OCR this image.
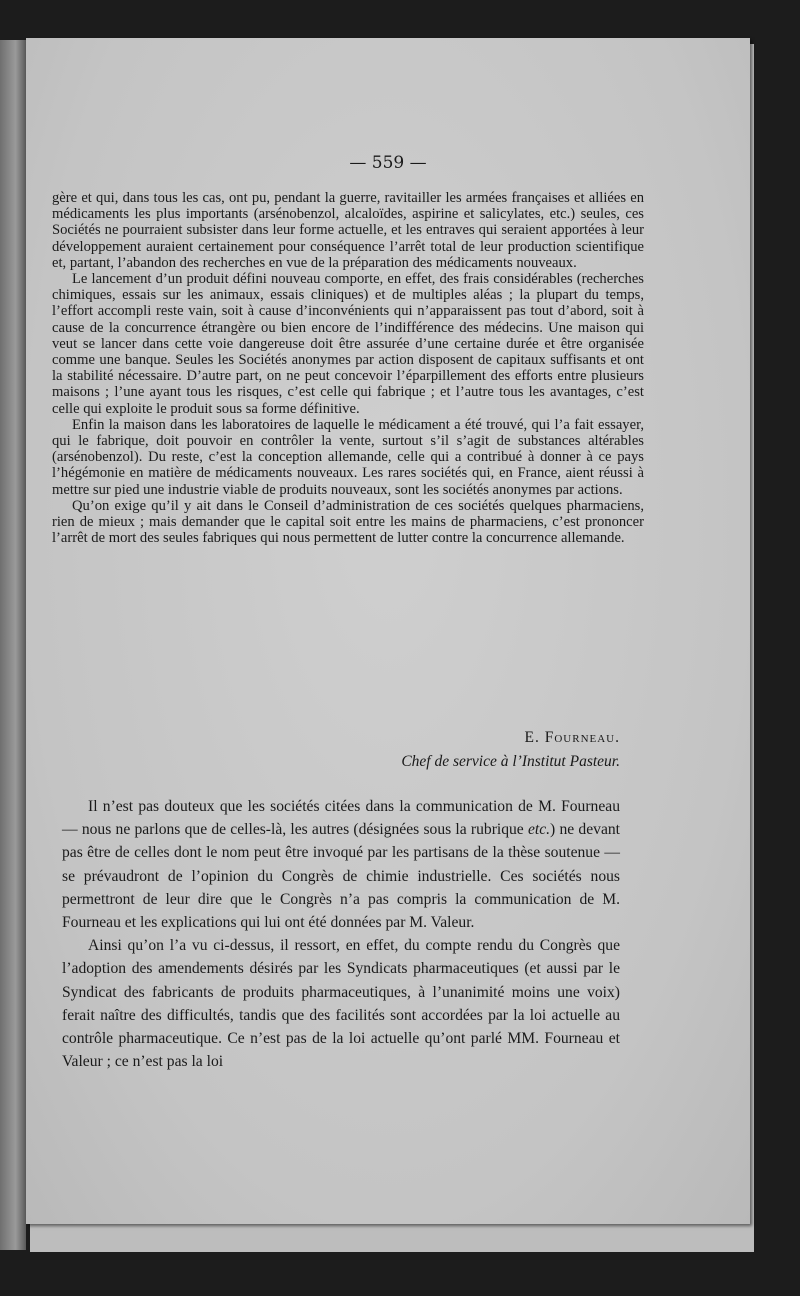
— 559 —

gère et qui, dans tous les cas, ont pu, pendant la guerre, ravitailler les armées françaises et alliées en médicaments les plus importants (arsénobenzol, alcaloïdes, aspirine et salicylates, etc.) seules, ces Sociétés ne pourraient subsister dans leur forme actuelle, et les entraves qui seraient apportées à leur développement auraient certainement pour conséquence l’arrêt total de leur production scientifique et, partant, l’abandon des recherches en vue de la préparation des médicaments nouveaux.

Le lancement d’un produit défini nouveau comporte, en effet, des frais considérables (recherches chimiques, essais sur les animaux, essais cliniques) et de multiples aléas ; la plupart du temps, l’effort accompli reste vain, soit à cause d’inconvénients qui n’apparaissent pas tout d’abord, soit à cause de la concurrence étrangère ou bien encore de l’indifférence des médecins. Une maison qui veut se lancer dans cette voie dangereuse doit être assurée d’une certaine durée et être organisée comme une banque. Seules les Sociétés anonymes par action disposent de capitaux suffisants et ont la stabilité nécessaire. D’autre part, on ne peut concevoir l’éparpillement des efforts entre plusieurs maisons ; l’une ayant tous les risques, c’est celle qui fabrique ; et l’autre tous les avantages, c’est celle qui exploite le produit sous sa forme définitive.

Enfin la maison dans les laboratoires de laquelle le médicament a été trouvé, qui l’a fait essayer, qui le fabrique, doit pouvoir en contrôler la vente, surtout s’il s’agit de substances altérables (arsénobenzol). Du reste, c’est la conception allemande, celle qui a contribué à donner à ce pays l’hégémonie en matière de médicaments nouveaux. Les rares sociétés qui, en France, aient réussi à mettre sur pied une industrie viable de produits nouveaux, sont les sociétés anonymes par actions.

Qu’on exige qu’il y ait dans le Conseil d’administration de ces sociétés quelques pharmaciens, rien de mieux ; mais demander que le capital soit entre les mains de pharmaciens, c’est prononcer l’arrêt de mort des seules fabriques qui nous permettent de lutter contre la concurrence allemande.

E. Fourneau.
Chef de service à l’Institut Pasteur.

Il n’est pas douteux que les sociétés citées dans la communication de M. Fourneau — nous ne parlons que de celles-là, les autres (désignées sous la rubrique etc.) ne devant pas être de celles dont le nom peut être invoqué par les partisans de la thèse soutenue — se prévaudront de l’opinion du Congrès de chimie industrielle. Ces sociétés nous permettront de leur dire que le Congrès n’a pas compris la communication de M. Fourneau et les explications qui lui ont été données par M. Valeur.

Ainsi qu’on l’a vu ci-dessus, il ressort, en effet, du compte rendu du Congrès que l’adoption des amendements désirés par les Syndicats pharmaceutiques (et aussi par le Syndicat des fabricants de produits pharmaceutiques, à l’unanimité moins une voix) ferait naître des difficultés, tandis que des facilités sont accordées par la loi actuelle au contrôle pharmaceutique. Ce n’est pas de la loi actuelle qu’ont parlé MM. Fourneau et Valeur ; ce n’est pas la loi
